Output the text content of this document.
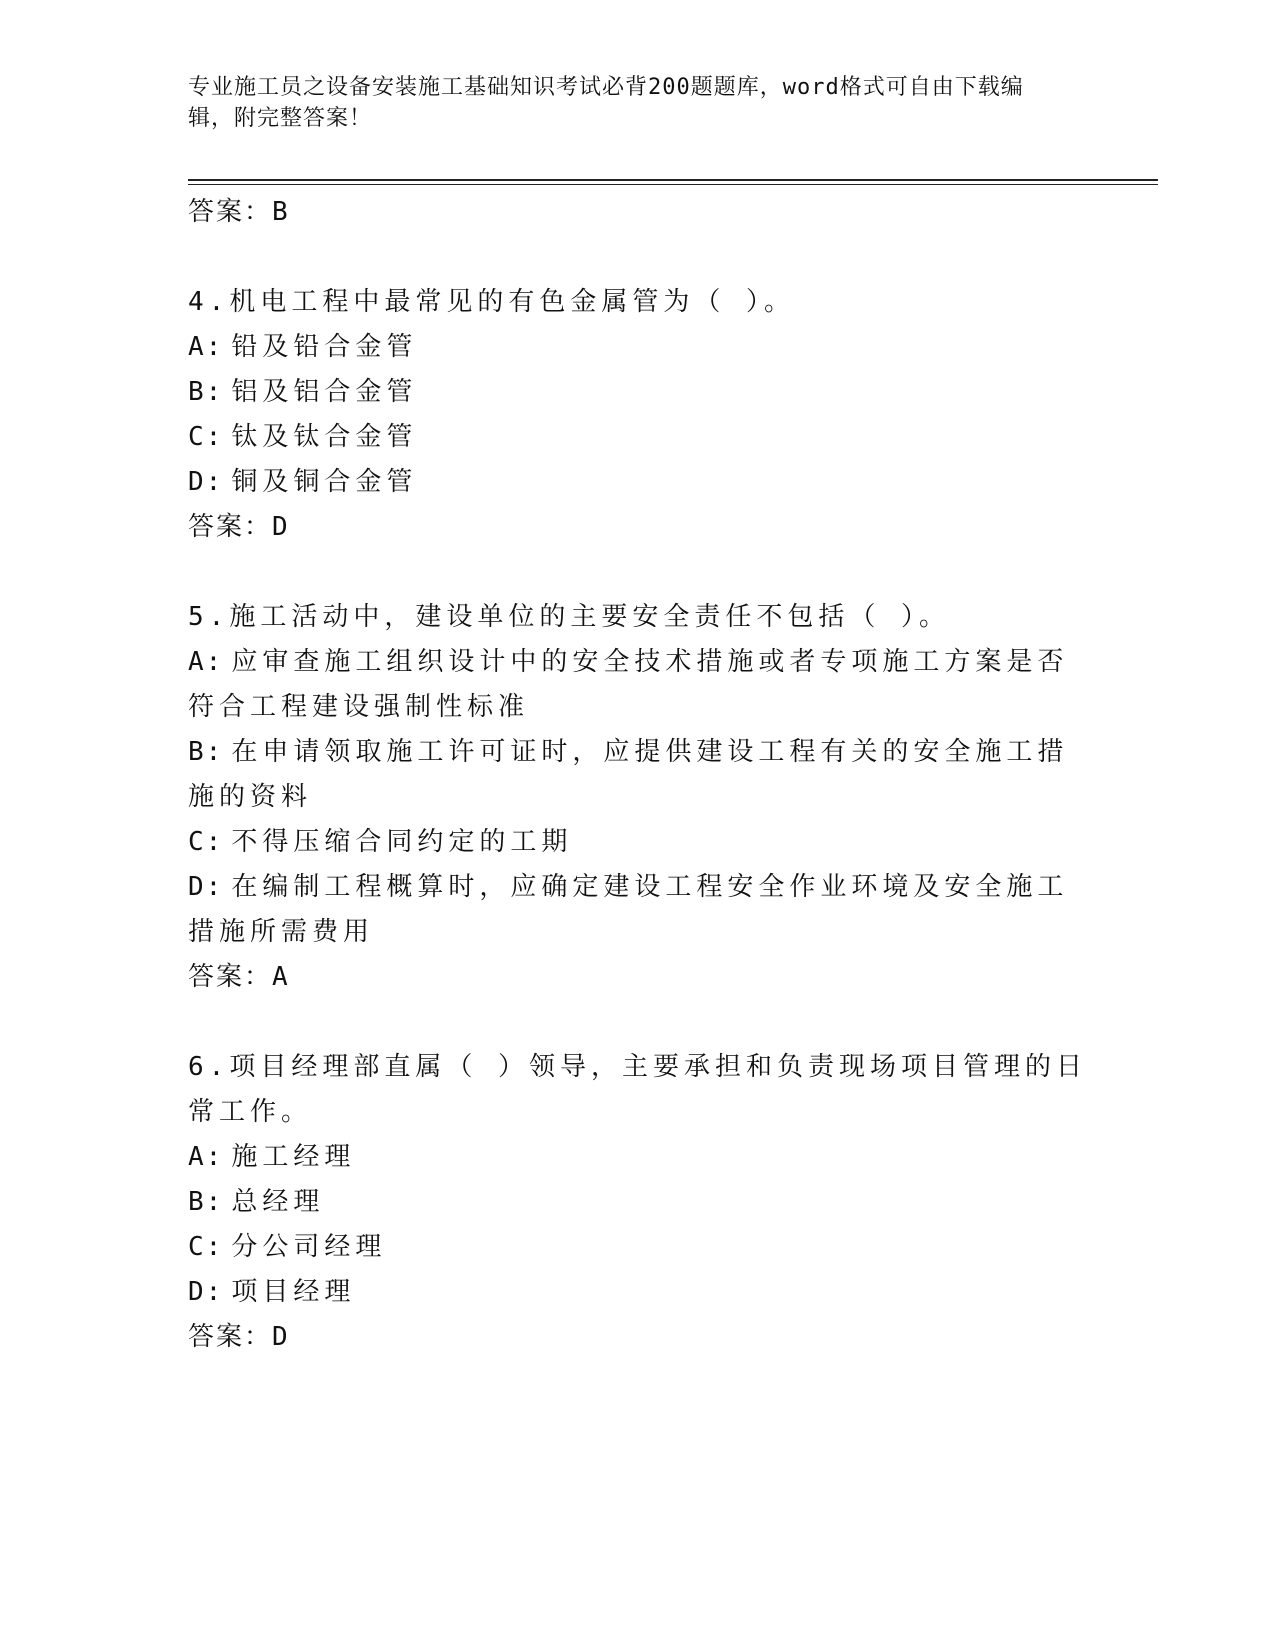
专业施工员之设备安装施工基础知识考试必背200题题库，word格式可自由下载编辑，附完整答案！
答案：B

4.机电工程中最常见的有色金属管为（ ）。

A: 铅及铅合金管

B: 铝及铝合金管

C: 钛及钛合金管

D: 铜及铜合金管

答案：D

5.施工活动中，建设单位的主要安全责任不包括（ ）。

A: 应审查施工组织设计中的安全技术措施或者专项施工方案是否符合工程建设强制性标准

B: 在申请领取施工许可证时，应提供建设工程有关的安全施工措施的资料

C: 不得压缩合同约定的工期

D: 在编制工程概算时，应确定建设工程安全作业环境及安全施工措施所需费用

答案：A

6.项目经理部直属（ ）领导，主要承担和负责现场项目管理的日常工作。

A: 施工经理

B: 总经理

C: 分公司经理

D: 项目经理

答案：D
